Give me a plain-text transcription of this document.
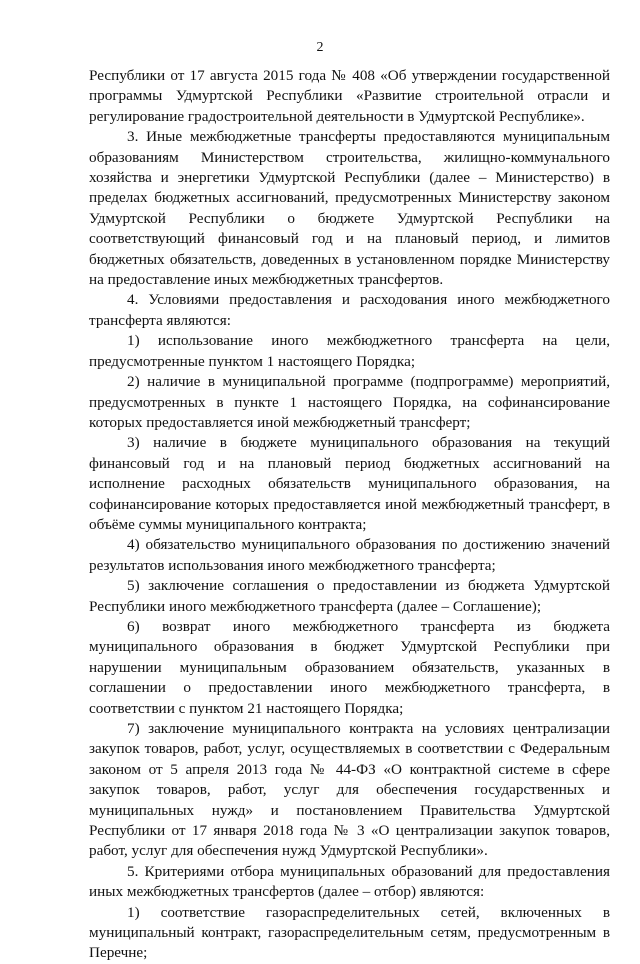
2

Республики от 17 августа 2015 года № 408 «Об утверждении государственной программы Удмуртской Республики «Развитие строительной отрасли и регулирование градостроительной деятельности в Удмуртской Республике».

3. Иные межбюджетные трансферты предоставляются муниципальным образованиям Министерством строительства, жилищно-коммунального хозяйства и энергетики Удмуртской Республики (далее – Министерство) в пределах бюджетных ассигнований, предусмотренных Министерству законом Удмуртской Республики о бюджете Удмуртской Республики на соответствующий финансовый год и на плановый период, и лимитов бюджетных обязательств, доведенных в установленном порядке Министерству на предоставление иных межбюджетных трансфертов.

4. Условиями предоставления и расходования иного межбюджетного трансферта являются:

1) использование иного межбюджетного трансферта на цели, предусмотренные пунктом 1 настоящего Порядка;

2) наличие в муниципальной программе (подпрограмме) мероприятий, предусмотренных в пункте 1 настоящего Порядка, на софинансирование которых предоставляется иной межбюджетный трансферт;

3) наличие в бюджете муниципального образования на текущий финансовый год и на плановый период бюджетных ассигнований на исполнение расходных обязательств муниципального образования, на софинансирование которых предоставляется иной межбюджетный трансферт, в объёме суммы муниципального контракта;

4) обязательство муниципального образования по достижению значений результатов использования иного межбюджетного трансферта;

5) заключение соглашения о предоставлении из бюджета Удмуртской Республики иного межбюджетного трансферта (далее – Соглашение);

6) возврат иного межбюджетного трансферта из бюджета муниципального образования в бюджет Удмуртской Республики при нарушении муниципальным образованием обязательств, указанных в соглашении о предоставлении иного межбюджетного трансферта, в соответствии с пунктом 21 настоящего Порядка;

7) заключение муниципального контракта на условиях централизации закупок товаров, работ, услуг, осуществляемых в соответствии с Федеральным законом от 5 апреля 2013 года № 44-ФЗ «О контрактной системе в сфере закупок товаров, работ, услуг для обеспечения государственных и муниципальных нужд» и постановлением Правительства Удмуртской Республики от 17 января 2018 года № 3 «О централизации закупок товаров, работ, услуг для обеспечения нужд Удмуртской Республики».

5. Критериями отбора муниципальных образований для предоставления иных межбюджетных трансфертов (далее – отбор) являются:

1) соответствие газораспределительных сетей, включенных в муниципальный контракт, газораспределительным сетям, предусмотренным в Перечне;
